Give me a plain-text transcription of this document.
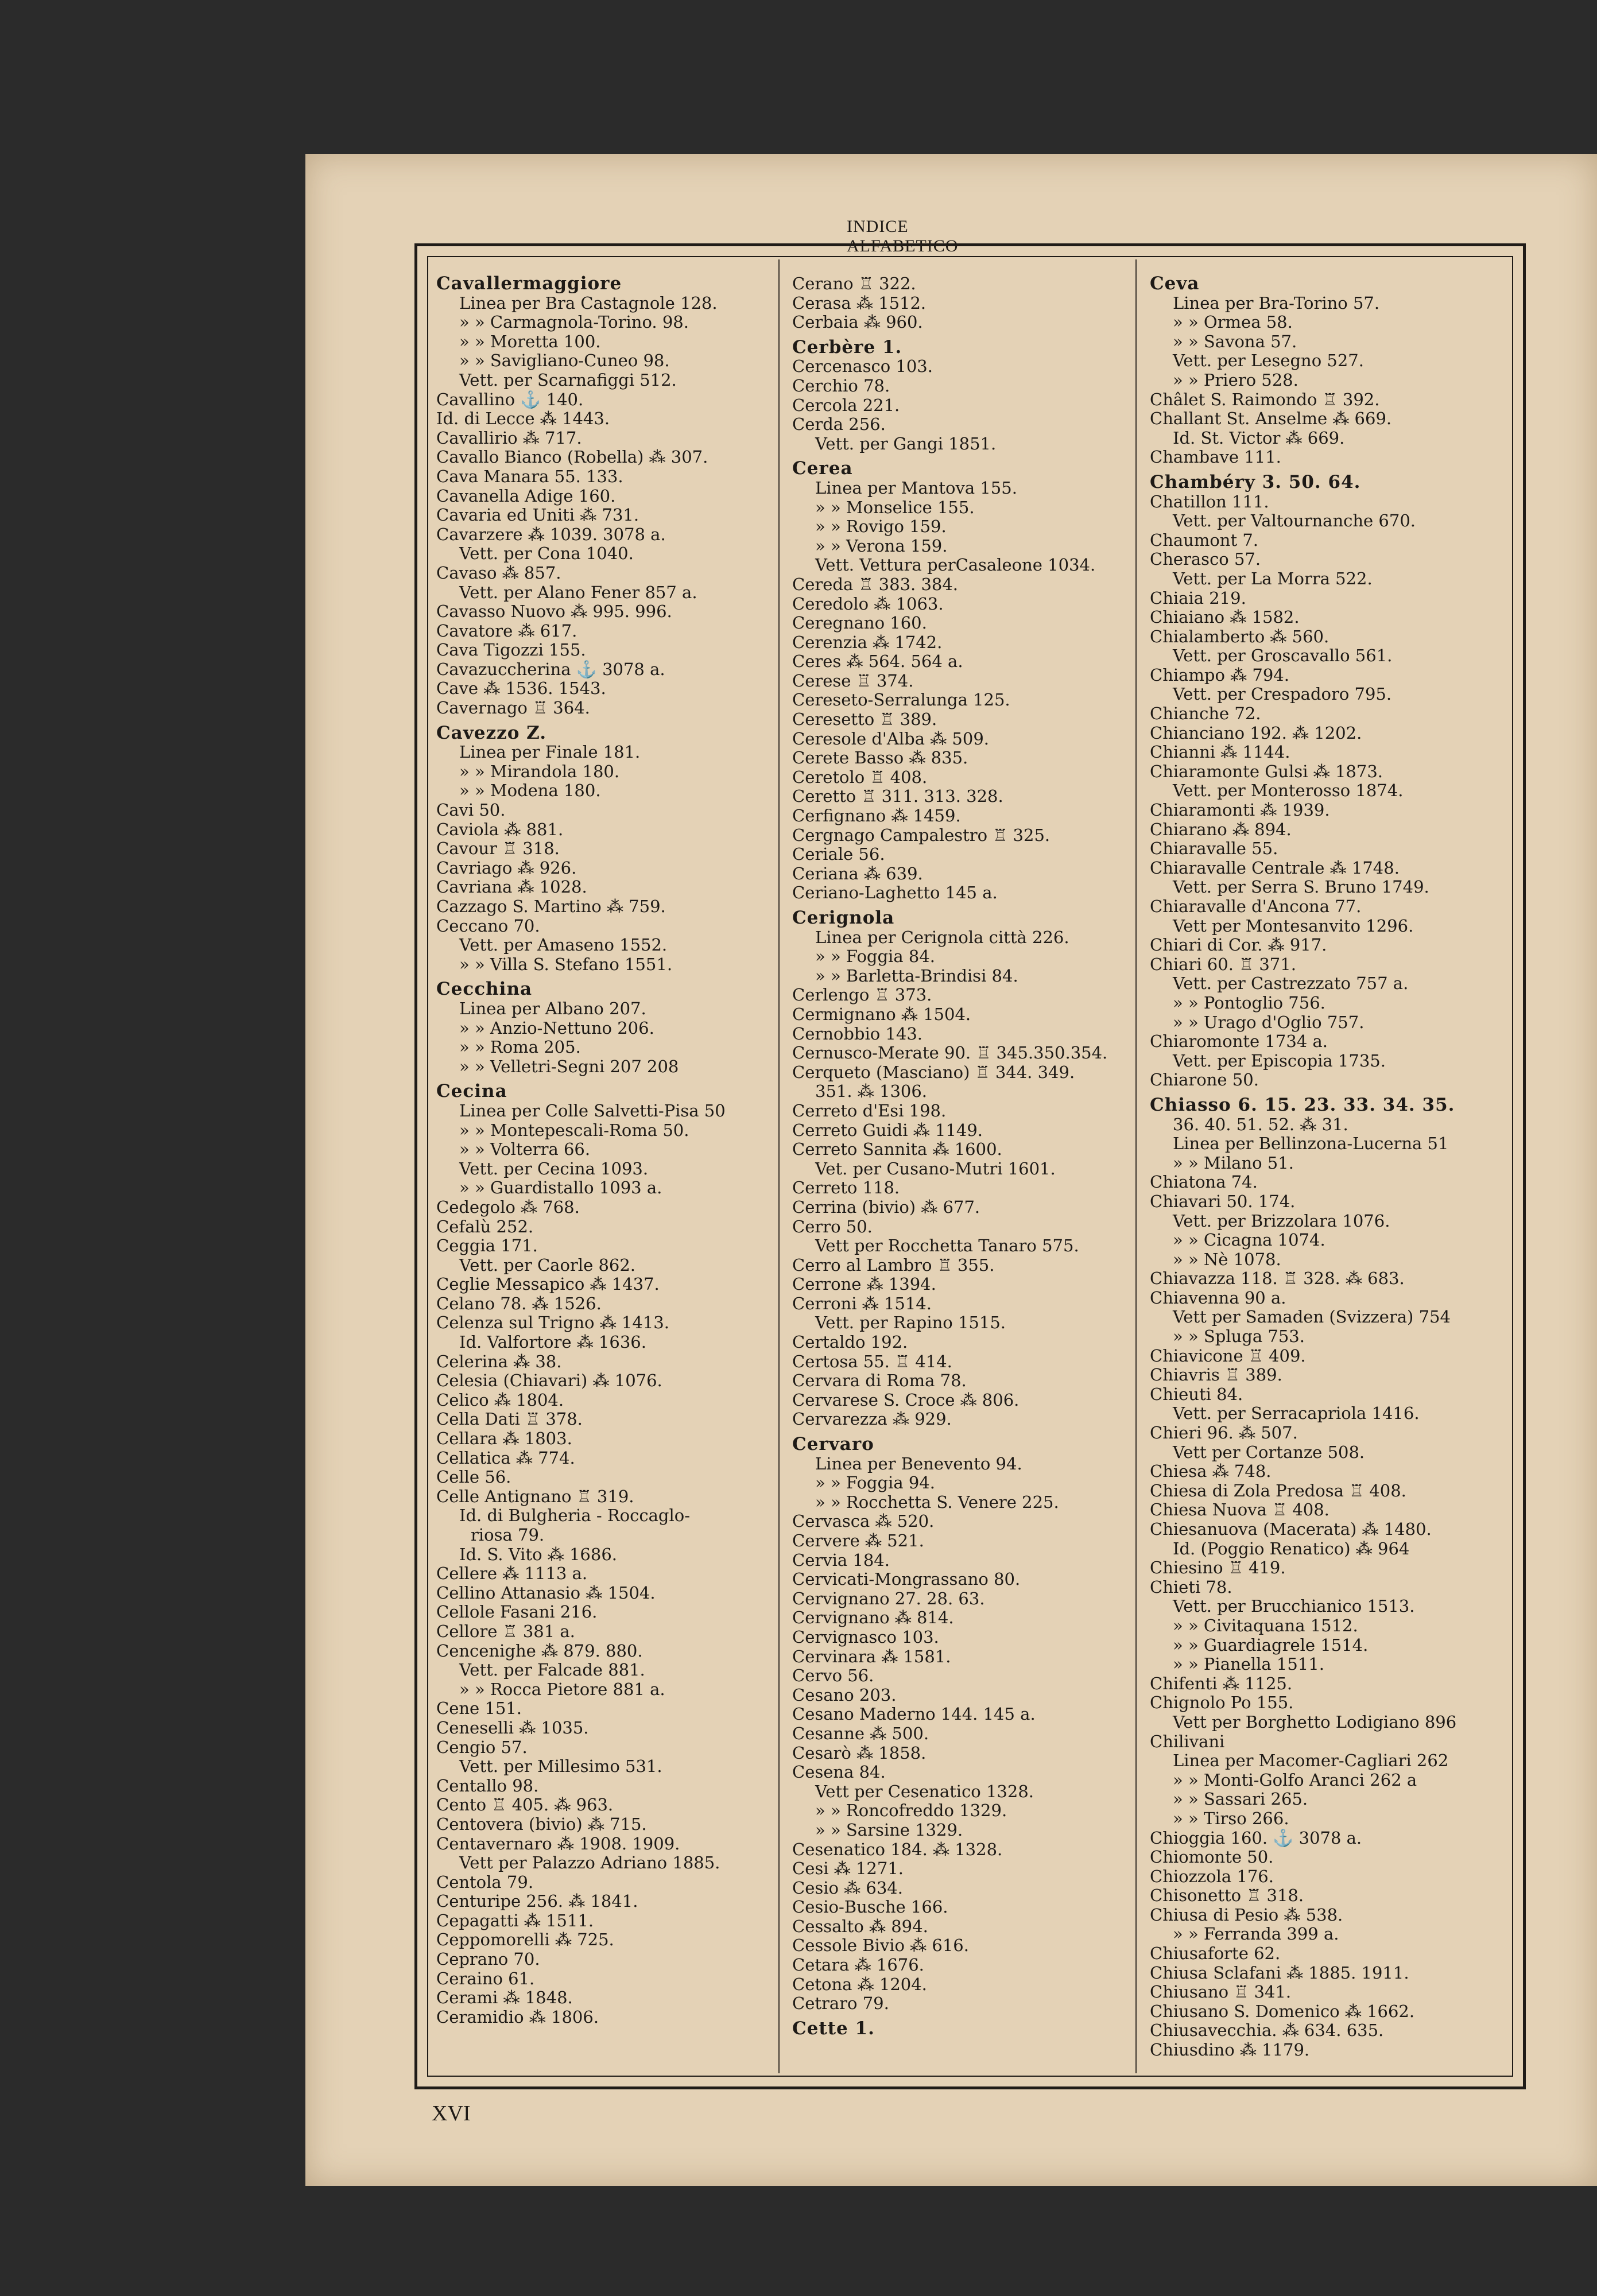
INDICE ALFABETICO
Cavallermaggiore
Linea per Bra Castagnole 128.
» » Carmagnola-Torino. 98.
» » Moretta 100.
» » Savigliano-Cuneo 98.
Vett. per Scarnafiggi 512.
Cavallino ⚓ 140.
Id. di Lecce ⁂ 1443.
Cavallirio ⁂ 717.
Cavallo Bianco (Robella) ⁂ 307.
Cava Manara 55. 133.
Cavanella Adige 160.
Cavaria ed Uniti ⁂ 731.
Cavarzere ⁂ 1039. 3078 a.
Vett. per Cona 1040.
Cavaso ⁂ 857.
Vett. per Alano Fener 857 a.
Cavasso Nuovo ⁂ 995. 996.
Cavatore ⁂ 617.
Cava Tigozzi 155.
Cavazuccherina ⚓ 3078 a.
Cave ⁂ 1536. 1543.
Cavernago ♖ 364.
Cavezzo Z.
Linea per Finale 181.
» » Mirandola 180.
» » Modena 180.
Cavi 50.
Caviola ⁂ 881.
Cavour ♖ 318.
Cavriago ⁂ 926.
Cavriana ⁂ 1028.
Cazzago S. Martino ⁂ 759.
Ceccano 70.
Vett. per Amaseno 1552.
» » Villa S. Stefano 1551.
Cecchina
Linea per Albano 207.
» » Anzio-Nettuno 206.
» » Roma 205.
» » Velletri-Segni 207 208
Cecina
Linea per Colle Salvetti-Pisa 50
» » Montepescali-Roma 50.
» » Volterra 66.
Vett. per Cecina 1093.
» » Guardistallo 1093 a.
Cedegolo ⁂ 768.
Cefalù 252.
Ceggia 171.
Vett. per Caorle 862.
Ceglie Messapico ⁂ 1437.
Celano 78. ⁂ 1526.
Celenza sul Trigno ⁂ 1413.
Id. Valfortore ⁂ 1636.
Celerina ⁂ 38.
Celesia (Chiavari) ⁂ 1076.
Celico ⁂ 1804.
Cella Dati ♖ 378.
Cellara ⁂ 1803.
Cellatica ⁂ 774.
Celle 56.
Celle Antignano ♖ 319.
Id. di Bulgheria - Roccaglo-
riosa 79.
Id. S. Vito ⁂ 1686.
Cellere ⁂ 1113 a.
Cellino Attanasio ⁂ 1504.
Cellole Fasani 216.
Cellore ♖ 381 a.
Cencenighe ⁂ 879. 880.
Vett. per Falcade 881.
» » Rocca Pietore 881 a.
Cene 151.
Ceneselli ⁂ 1035.
Cengio 57.
Vett. per Millesimo 531.
Centallo 98.
Cento ♖ 405. ⁂ 963.
Centovera (bivio) ⁂ 715.
Centavernaro ⁂ 1908. 1909.
Vett per Palazzo Adriano 1885.
Centola 79.
Centuripe 256. ⁂ 1841.
Cepagatti ⁂ 1511.
Ceppomorelli ⁂ 725.
Ceprano 70.
Ceraino 61.
Cerami ⁂ 1848.
Ceramidio ⁂ 1806.
Cerano ♖ 322.
Cerasa ⁂ 1512.
Cerbaia ⁂ 960.
Cerbère 1.
Cercenasco 103.
Cerchio 78.
Cercola 221.
Cerda 256.
Vett. per Gangi 1851.
Cerea
Linea per Mantova 155.
» » Monselice 155.
» » Rovigo 159.
» » Verona 159.
Vett. Vettura perCasaleone 1034.
Cereda ♖ 383. 384.
Ceredolo ⁂ 1063.
Ceregnano 160.
Cerenzia ⁂ 1742.
Ceres ⁂ 564. 564 a.
Cerese ♖ 374.
Cereseto-Serralunga 125.
Ceresetto ♖ 389.
Ceresole d'Alba ⁂ 509.
Cerete Basso ⁂ 835.
Ceretolo ♖ 408.
Ceretto ♖ 311. 313. 328.
Cerfignano ⁂ 1459.
Cergnago Campalestro ♖ 325.
Ceriale 56.
Ceriana ⁂ 639.
Ceriano-Laghetto 145 a.
Cerignola
Linea per Cerignola città 226.
» » Foggia 84.
» » Barletta-Brindisi 84.
Cerlengo ♖ 373.
Cermignano ⁂ 1504.
Cernobbio 143.
Cernusco-Merate 90. ♖ 345.350.354.
Cerqueto (Masciano) ♖ 344. 349.
351. ⁂ 1306.
Cerreto d'Esi 198.
Cerreto Guidi ⁂ 1149.
Cerreto Sannita ⁂ 1600.
Vet. per Cusano-Mutri 1601.
Cerreto 118.
Cerrina (bivio) ⁂ 677.
Cerro 50.
Vett per Rocchetta Tanaro 575.
Cerro al Lambro ♖ 355.
Cerrone ⁂ 1394.
Cerroni ⁂ 1514.
Vett. per Rapino 1515.
Certaldo 192.
Certosa 55. ♖ 414.
Cervara di Roma 78.
Cervarese S. Croce ⁂ 806.
Cervarezza ⁂ 929.
Cervaro
Linea per Benevento 94.
» » Foggia 94.
» » Rocchetta S. Venere 225.
Cervasca ⁂ 520.
Cervere ⁂ 521.
Cervia 184.
Cervicati-Mongrassano 80.
Cervignano 27. 28. 63.
Cervignano ⁂ 814.
Cervignasco 103.
Cervinara ⁂ 1581.
Cervo 56.
Cesano 203.
Cesano Maderno 144. 145 a.
Cesanne ⁂ 500.
Cesarò ⁂ 1858.
Cesena 84.
Vett per Cesenatico 1328.
» » Roncofreddo 1329.
» » Sarsine 1329.
Cesenatico 184. ⁂ 1328.
Cesi ⁂ 1271.
Cesio ⁂ 634.
Cesio-Busche 166.
Cessalto ⁂ 894.
Cessole Bivio ⁂ 616.
Cetara ⁂ 1676.
Cetona ⁂ 1204.
Cetraro 79.
Cette 1.
Ceva
Linea per Bra-Torino 57.
» » Ormea 58.
» » Savona 57.
Vett. per Lesegno 527.
» » Priero 528.
Châlet S. Raimondo ♖ 392.
Challant St. Anselme ⁂ 669.
Id. St. Victor ⁂ 669.
Chambave 111.
Chambéry 3. 50. 64.
Chatillon 111.
Vett. per Valtournanche 670.
Chaumont 7.
Cherasco 57.
Vett. per La Morra 522.
Chiaia 219.
Chiaiano ⁂ 1582.
Chialamberto ⁂ 560.
Vett. per Groscavallo 561.
Chiampo ⁂ 794.
Vett. per Crespadoro 795.
Chianche 72.
Chianciano 192. ⁂ 1202.
Chianni ⁂ 1144.
Chiaramonte Gulsi ⁂ 1873.
Vett. per Monterosso 1874.
Chiaramonti ⁂ 1939.
Chiarano ⁂ 894.
Chiaravalle 55.
Chiaravalle Centrale ⁂ 1748.
Vett. per Serra S. Bruno 1749.
Chiaravalle d'Ancona 77.
Vett per Montesanvito 1296.
Chiari di Cor. ⁂ 917.
Chiari 60. ♖ 371.
Vett. per Castrezzato 757 a.
» » Pontoglio 756.
» » Urago d'Oglio 757.
Chiaromonte 1734 a.
Vett. per Episcopia 1735.
Chiarone 50.
Chiasso 6. 15. 23. 33. 34. 35.
36. 40. 51. 52. ⁂ 31.
Linea per Bellinzona-Lucerna 51
» » Milano 51.
Chiatona 74.
Chiavari 50. 174.
Vett. per Brizzolara 1076.
» » Cicagna 1074.
» » Nè 1078.
Chiavazza 118. ♖ 328. ⁂ 683.
Chiavenna 90 a.
Vett per Samaden (Svizzera) 754
» » Spluga 753.
Chiavicone ♖ 409.
Chiavris ♖ 389.
Chieuti 84.
Vett. per Serracapriola 1416.
Chieri 96. ⁂ 507.
Vett per Cortanze 508.
Chiesa ⁂ 748.
Chiesa di Zola Predosa ♖ 408.
Chiesa Nuova ♖ 408.
Chiesanuova (Macerata) ⁂ 1480.
Id. (Poggio Renatico) ⁂ 964
Chiesino ♖ 419.
Chieti 78.
Vett. per Brucchianico 1513.
» » Civitaquana 1512.
» » Guardiagrele 1514.
» » Pianella 1511.
Chifenti ⁂ 1125.
Chignolo Po 155.
Vett per Borghetto Lodigiano 896
Chilivani
Linea per Macomer-Cagliari 262
» » Monti-Golfo Aranci 262 a
» » Sassari 265.
» » Tirso 266.
Chioggia 160. ⚓ 3078 a.
Chiomonte 50.
Chiozzola 176.
Chisonetto ♖ 318.
Chiusa di Pesio ⁂ 538.
» » Ferranda 399 a.
Chiusaforte 62.
Chiusa Sclafani ⁂ 1885. 1911.
Chiusano ♖ 341.
Chiusano S. Domenico ⁂ 1662.
Chiusavecchia. ⁂ 634. 635.
Chiusdino ⁂ 1179.
XVI
